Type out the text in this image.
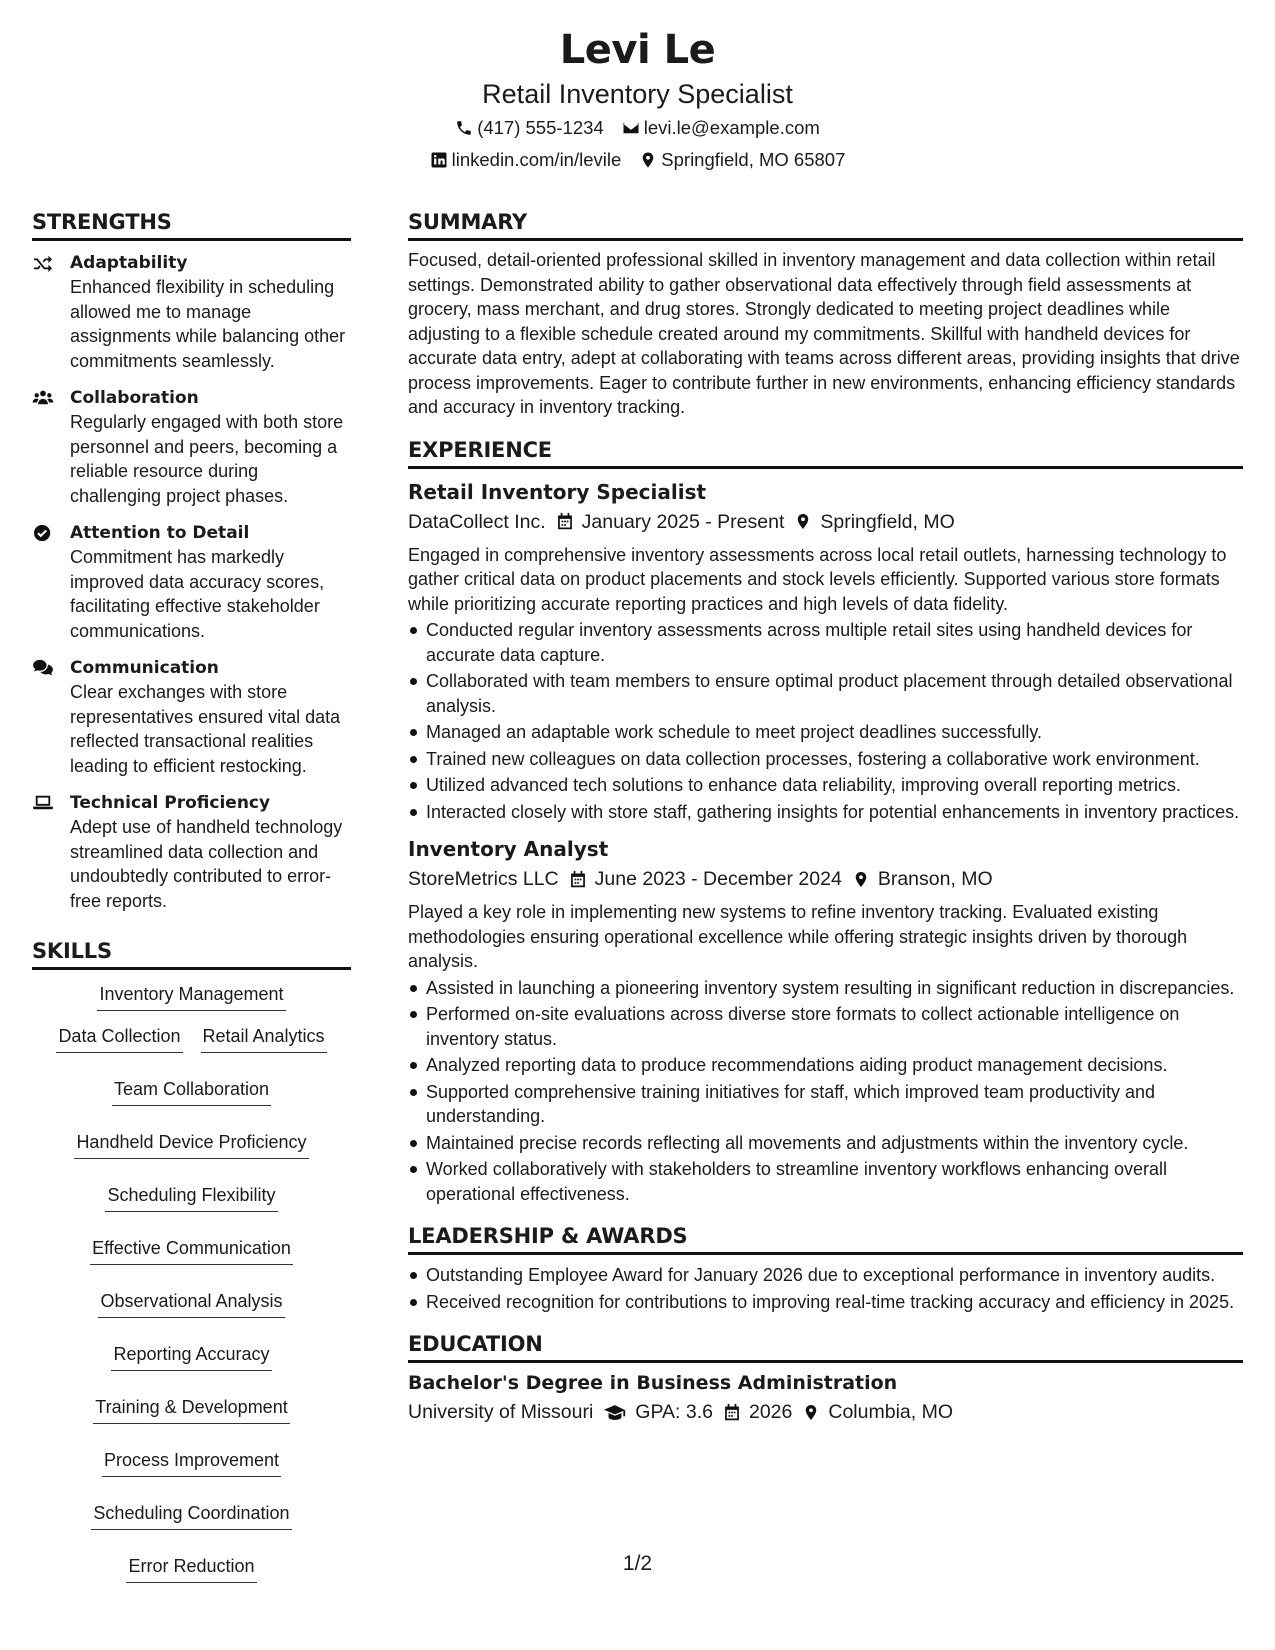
Levi Le
Retail Inventory Specialist
(417) 555-1234 levi.le@example.com
linkedin.com/in/levile Springfield, MO 65807
STRENGTHS
Adaptability
Enhanced flexibility in scheduling allowed me to manage assignments while balancing other commitments seamlessly.
Collaboration
Regularly engaged with both store personnel and peers, becoming a reliable resource during challenging project phases.
Attention to Detail
Commitment has markedly improved data accuracy scores, facilitating effective stakeholder communications.
Communication
Clear exchanges with store representatives ensured vital data reflected transactional realities leading to efficient restocking.
Technical Proficiency
Adept use of handheld technology streamlined data collection and undoubtedly contributed to error-free reports.
SKILLS
Inventory Management
Data Collection Retail Analytics
Team Collaboration
Handheld Device Proficiency
Scheduling Flexibility
Effective Communication
Observational Analysis
Reporting Accuracy
Training & Development
Process Improvement
Scheduling Coordination
Error Reduction
SUMMARY
Focused, detail-oriented professional skilled in inventory management and data collection within retail settings. Demonstrated ability to gather observational data effectively through field assessments at grocery, mass merchant, and drug stores. Strongly dedicated to meeting project deadlines while adjusting to a flexible schedule created around my commitments. Skillful with handheld devices for accurate data entry, adept at collaborating with teams across different areas, providing insights that drive process improvements. Eager to contribute further in new environments, enhancing efficiency standards and accuracy in inventory tracking.
EXPERIENCE
Retail Inventory Specialist
DataCollect Inc. January 2025 - Present Springfield, MO
Engaged in comprehensive inventory assessments across local retail outlets, harnessing technology to gather critical data on product placements and stock levels efficiently. Supported various store formats while prioritizing accurate reporting practices and high levels of data fidelity.
Conducted regular inventory assessments across multiple retail sites using handheld devices for accurate data capture.
Collaborated with team members to ensure optimal product placement through detailed observational analysis.
Managed an adaptable work schedule to meet project deadlines successfully.
Trained new colleagues on data collection processes, fostering a collaborative work environment.
Utilized advanced tech solutions to enhance data reliability, improving overall reporting metrics.
Interacted closely with store staff, gathering insights for potential enhancements in inventory practices.
Inventory Analyst
StoreMetrics LLC June 2023 - December 2024 Branson, MO
Played a key role in implementing new systems to refine inventory tracking. Evaluated existing methodologies ensuring operational excellence while offering strategic insights driven by thorough analysis.
Assisted in launching a pioneering inventory system resulting in significant reduction in discrepancies.
Performed on-site evaluations across diverse store formats to collect actionable intelligence on inventory status.
Analyzed reporting data to produce recommendations aiding product management decisions.
Supported comprehensive training initiatives for staff, which improved team productivity and understanding.
Maintained precise records reflecting all movements and adjustments within the inventory cycle.
Worked collaboratively with stakeholders to streamline inventory workflows enhancing overall operational effectiveness.
LEADERSHIP & AWARDS
Outstanding Employee Award for January 2026 due to exceptional performance in inventory audits.
Received recognition for contributions to improving real-time tracking accuracy and efficiency in 2025.
EDUCATION
Bachelor's Degree in Business Administration
University of Missouri GPA: 3.6 2026 Columbia, MO
1/2
